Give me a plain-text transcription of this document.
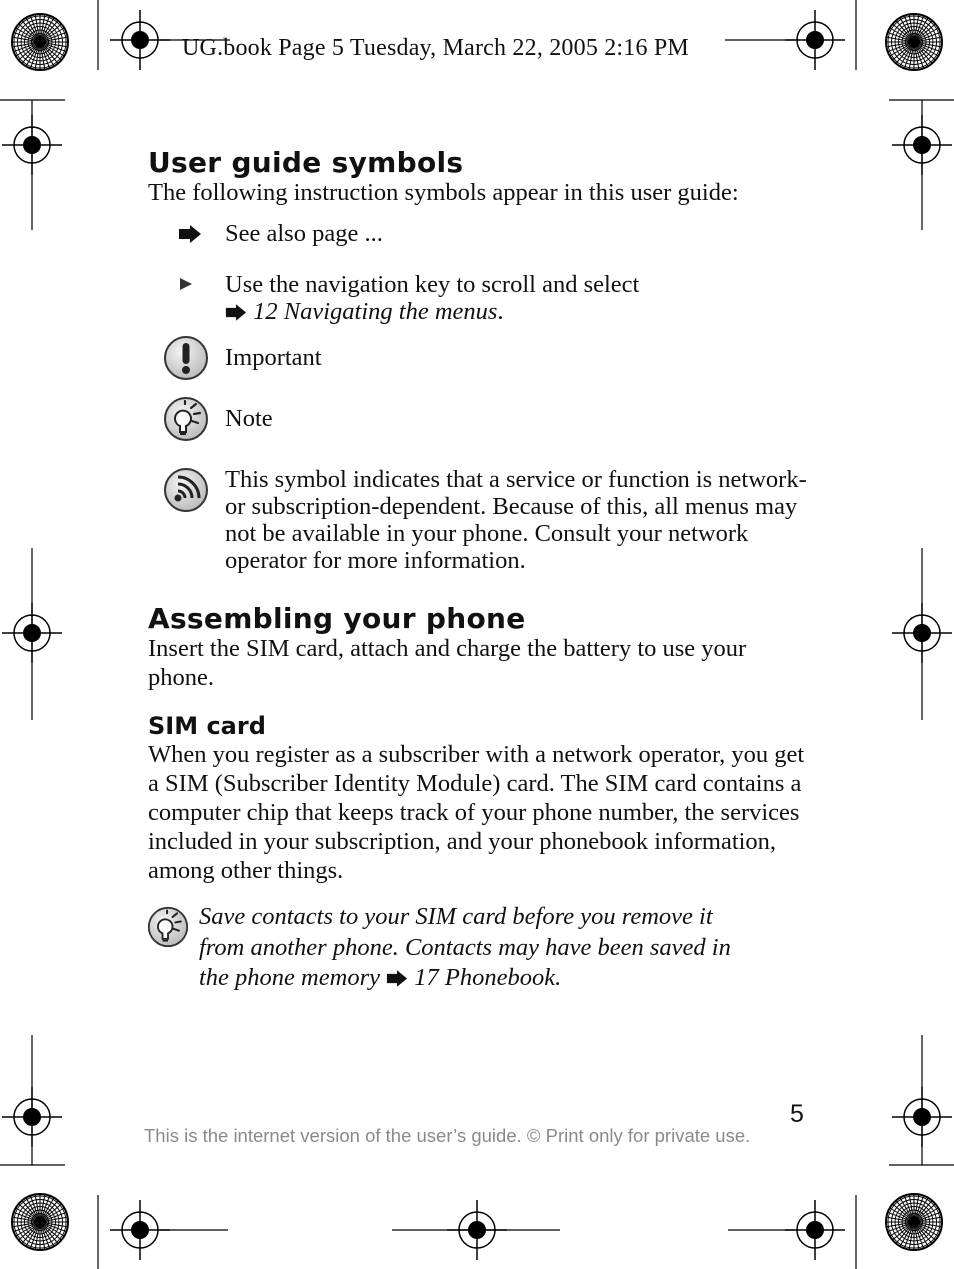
UG.book Page 5 Tuesday, March 22, 2005 2:16 PM
User guide symbols
The following instruction symbols appear in this user guide:
See also page ...
Use the navigation key to scroll and select
12 Navigating the menus.
Important
Note
This symbol indicates that a service or function is network- or subscription-dependent. Because of this, all menus may not be available in your phone. Consult your network operator for more information.
Assembling your phone
Insert the SIM card, attach and charge the battery to use your phone.
SIM card
When you register as a subscriber with a network operator, you get a SIM (Subscriber Identity Module) card. The SIM card contains a computer chip that keeps track of your phone number, the services included in your subscription, and your phonebook information, among other things.
Save contacts to your SIM card before you remove it
from another phone. Contacts may have been saved in
the phone memory  17 Phonebook.
5
This is the internet version of the user’s guide. © Print only for private use.
